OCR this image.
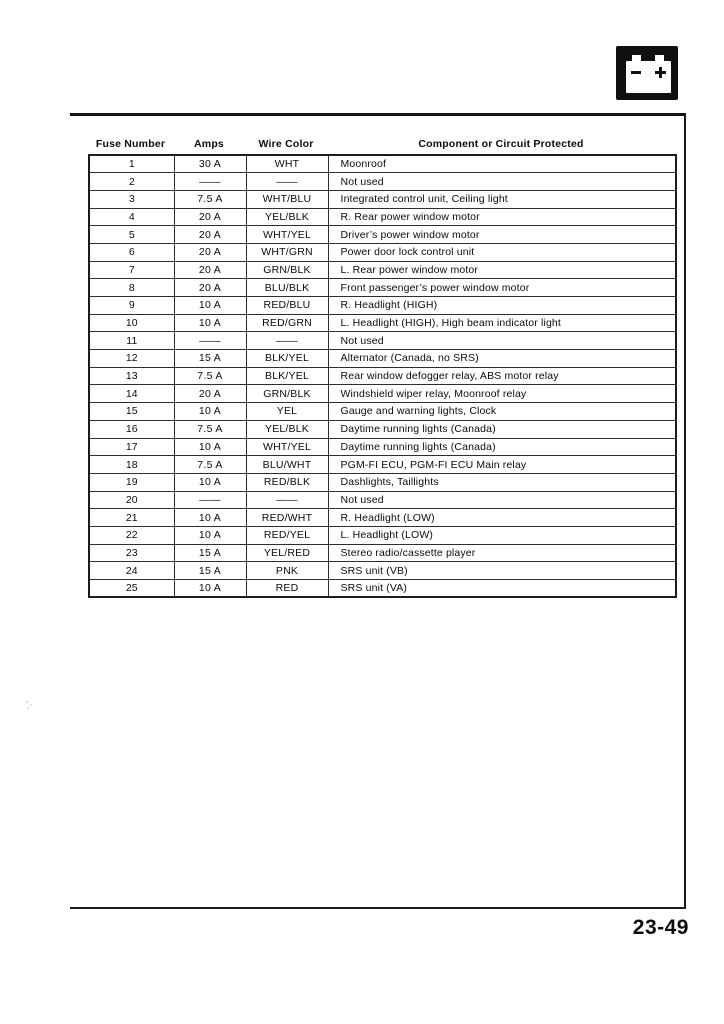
Fuse Number	Amps	Wire Color	Component or Circuit Protected
1	30 A	WHT	Moonroof
2	——	——	Not used
3	7.5 A	WHT/BLU	Integrated control unit, Ceiling light
4	20 A	YEL/BLK	R. Rear power window motor
5	20 A	WHT/YEL	Driver’s power window motor
6	20 A	WHT/GRN	Power door lock control unit
7	20 A	GRN/BLK	L. Rear power window motor
8	20 A	BLU/BLK	Front passenger’s power window motor
9	10 A	RED/BLU	R. Headlight (HIGH)
10	10 A	RED/GRN	L. Headlight (HIGH), High beam indicator light
11	——	——	Not used
12	15 A	BLK/YEL	Alternator (Canada, no SRS)
13	7.5 A	BLK/YEL	Rear window defogger relay, ABS motor relay
14	20 A	GRN/BLK	Windshield wiper relay, Moonroof relay
15	10 A	YEL	Gauge and warning lights, Clock
16	7.5 A	YEL/BLK	Daytime running lights (Canada)
17	10 A	WHT/YEL	Daytime running lights (Canada)
18	7.5 A	BLU/WHT	PGM-FI ECU, PGM-FI ECU Main relay
19	10 A	RED/BLK	Dashlights, Taillights
20	——	——	Not used
21	10 A	RED/WHT	R. Headlight (LOW)
22	10 A	RED/YEL	L. Headlight (LOW)
23	15 A	YEL/RED	Stereo radio/cassette player
24	15 A	PNK	SRS unit (VB)
25	10 A	RED	SRS unit (VA)
23-49
